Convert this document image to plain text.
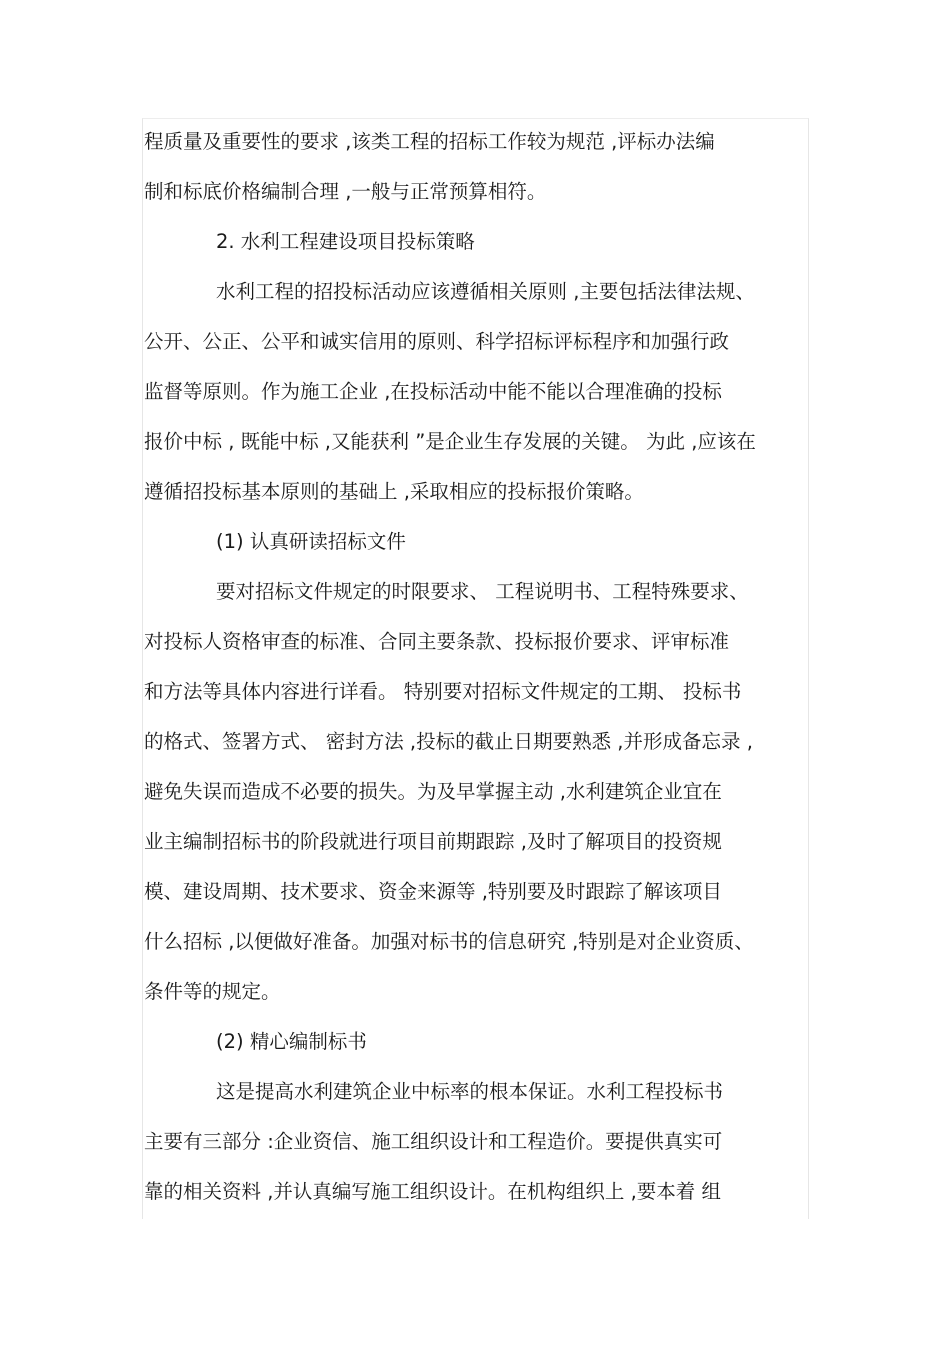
程质量及重要性的要求 ,该类工程的招标工作较为规范 ,评标办法编
制和标底价格编制合理 ,一般与正常预算相符。
2. 水利工程建设项目投标策略
水利工程的招投标活动应该遵循相关原则 ,主要包括法律法规、
公开、公正、公平和诚实信用的原则、科学招标评标程序和加强行政
监督等原则。作为施工企业 ,在投标活动中能不能以合理准确的投标
报价中标 , 既能中标 ,又能获利 ”是企业生存发展的关键。 为此 ,应该在
遵循招投标基本原则的基础上 ,采取相应的投标报价策略。
(1) 认真研读招标文件
要对招标文件规定的时限要求、 工程说明书、工程特殊要求、
对投标人资格审查的标准、合同主要条款、投标报价要求、评审标准
和方法等具体内容进行详看。 特别要对招标文件规定的工期、 投标书
的格式、签署方式、 密封方法 ,投标的截止日期要熟悉 ,并形成备忘录 ,
避免失误而造成不必要的损失。为及早掌握主动 ,水利建筑企业宜在
业主编制招标书的阶段就进行项目前期跟踪 ,及时了解项目的投资规
模、建设周期、技术要求、资金来源等 ,特别要及时跟踪了解该项目
什么招标 ,以便做好准备。加强对标书的信息研究 ,特别是对企业资质、
条件等的规定。
(2) 精心编制标书
这是提高水利建筑企业中标率的根本保证。水利工程投标书
主要有三部分 :企业资信、施工组织设计和工程造价。要提供真实可
靠的相关资料 ,并认真编写施工组织设计。在机构组织上 ,要本着 组
